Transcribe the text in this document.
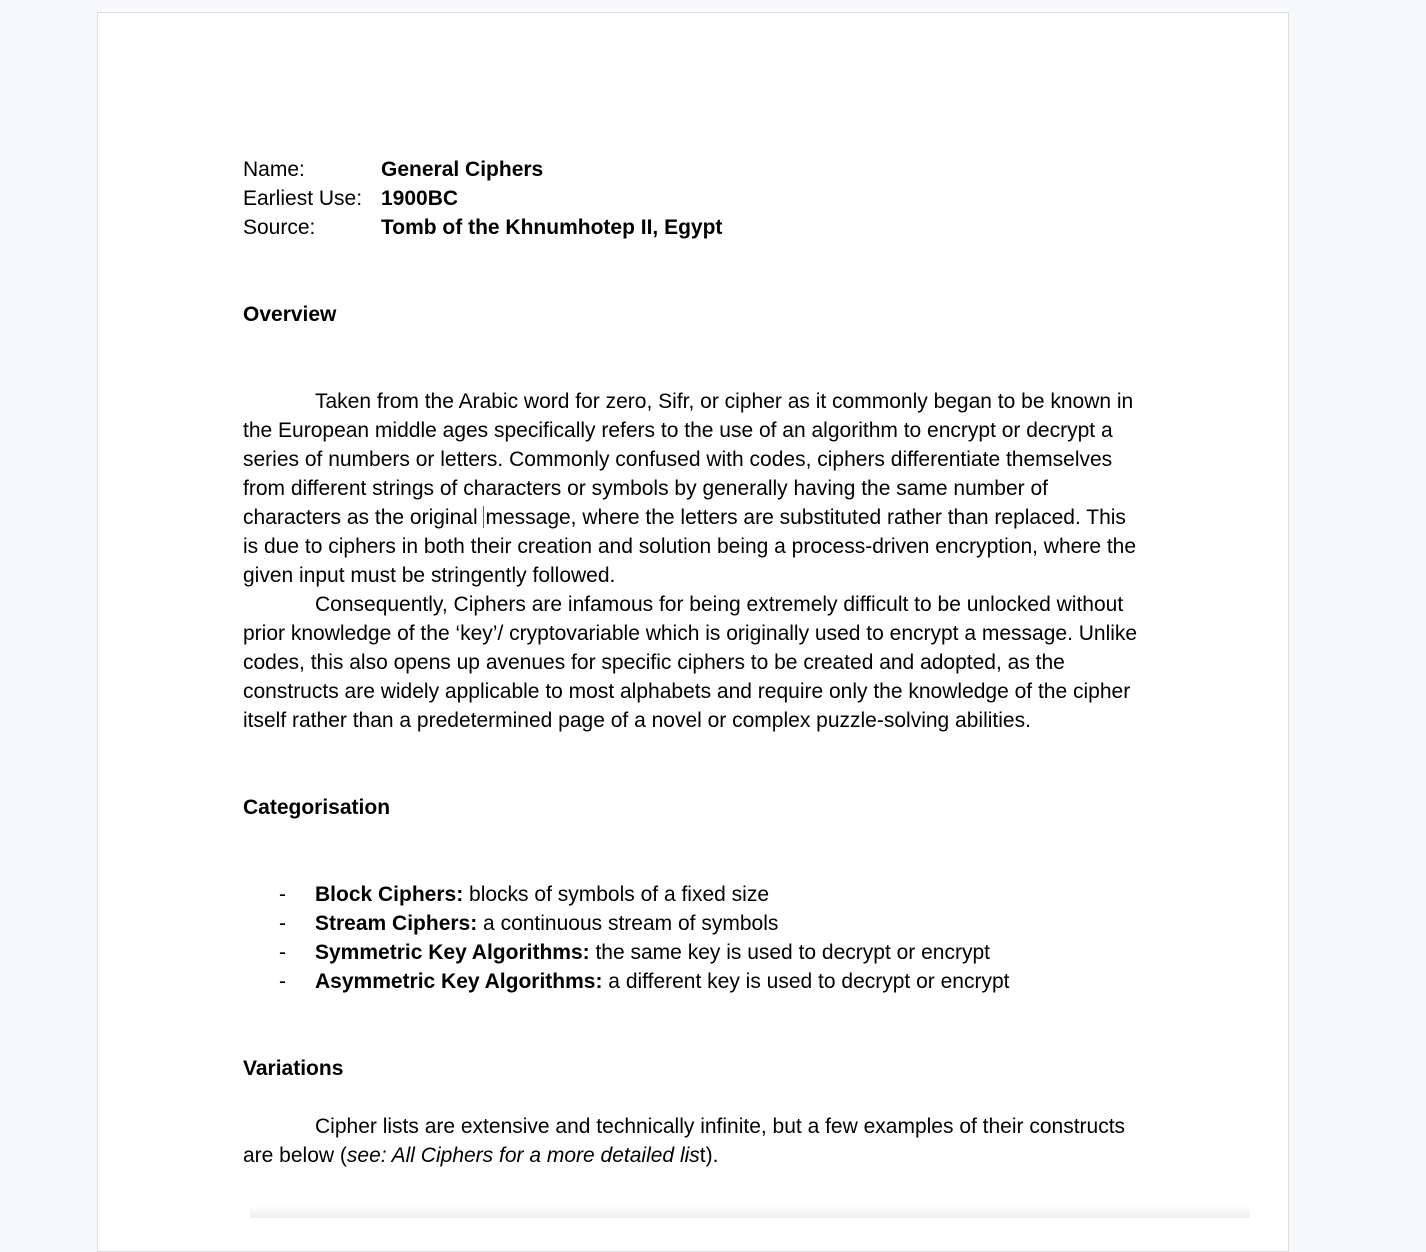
Name:	General Ciphers
Earliest Use: 1900BC
Source:	Tomb of the Khnumhotep II, Egypt

Overview

Taken from the Arabic word for zero, Sifr, or cipher as it commonly began to be known in the European middle ages specifically refers to the use of an algorithm to encrypt or decrypt a series of numbers or letters. Commonly confused with codes, ciphers differentiate themselves from different strings of characters or symbols by generally having the same number of characters as the original message, where the letters are substituted rather than replaced. This is due to ciphers in both their creation and solution being a process-driven encryption, where the given input must be stringently followed.

Consequently, Ciphers are infamous for being extremely difficult to be unlocked without prior knowledge of the ‘key’/ cryptovariable which is originally used to encrypt a message. Unlike codes, this also opens up avenues for specific ciphers to be created and adopted, as the constructs are widely applicable to most alphabets and require only the knowledge of the cipher itself rather than a predetermined page of a novel or complex puzzle-solving abilities.

Categorisation

-	Block Ciphers: blocks of symbols of a fixed size
-	Stream Ciphers: a continuous stream of symbols
-	Symmetric Key Algorithms: the same key is used to decrypt or encrypt
-	Asymmetric Key Algorithms: a different key is used to decrypt or encrypt

Variations

Cipher lists are extensive and technically infinite, but a few examples of their constructs are below (see: All Ciphers for a more detailed list).
